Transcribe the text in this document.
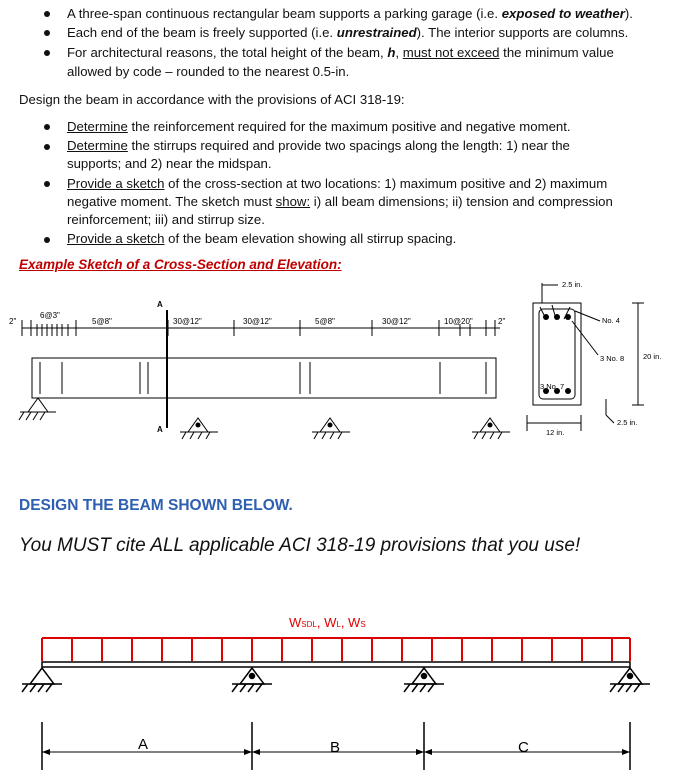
A three-span continuous rectangular beam supports a parking garage (i.e. exposed to weather).
Each end of the beam is freely supported (i.e. unrestrained). The interior supports are columns.
For architectural reasons, the total height of the beam, h, must not exceed the minimum value
allowed by code – rounded to the nearest 0.5-in.
Design the beam in accordance with the provisions of ACI 318-19:
Determine the reinforcement required for the maximum positive and negative moment.
Determine the stirrups required and provide two spacings along the length: 1) near the
supports; and 2) near the midspan.
Provide a sketch of the cross-section at two locations: 1) maximum positive and 2) maximum
negative moment. The sketch must show: i) all beam dimensions; ii) tension and compression
reinforcement; iii) and stirrup size.
Provide a sketch of the beam elevation showing all stirrup spacing.
Example Sketch of a Cross-Section and Elevation:
2"
6@3"
5@8"	30@12"	30@12"	5@8"	30@12"	10@20"	2"
A
A
2.5 in.
No. 4
3 No. 8	20 in.
3 No. 7
2.5 in.
12 in.
DESIGN THE BEAM SHOWN BELOW.
You MUST cite ALL applicable ACI 318-19 provisions that you use!
WSDL, WL, WS
A	B	C
